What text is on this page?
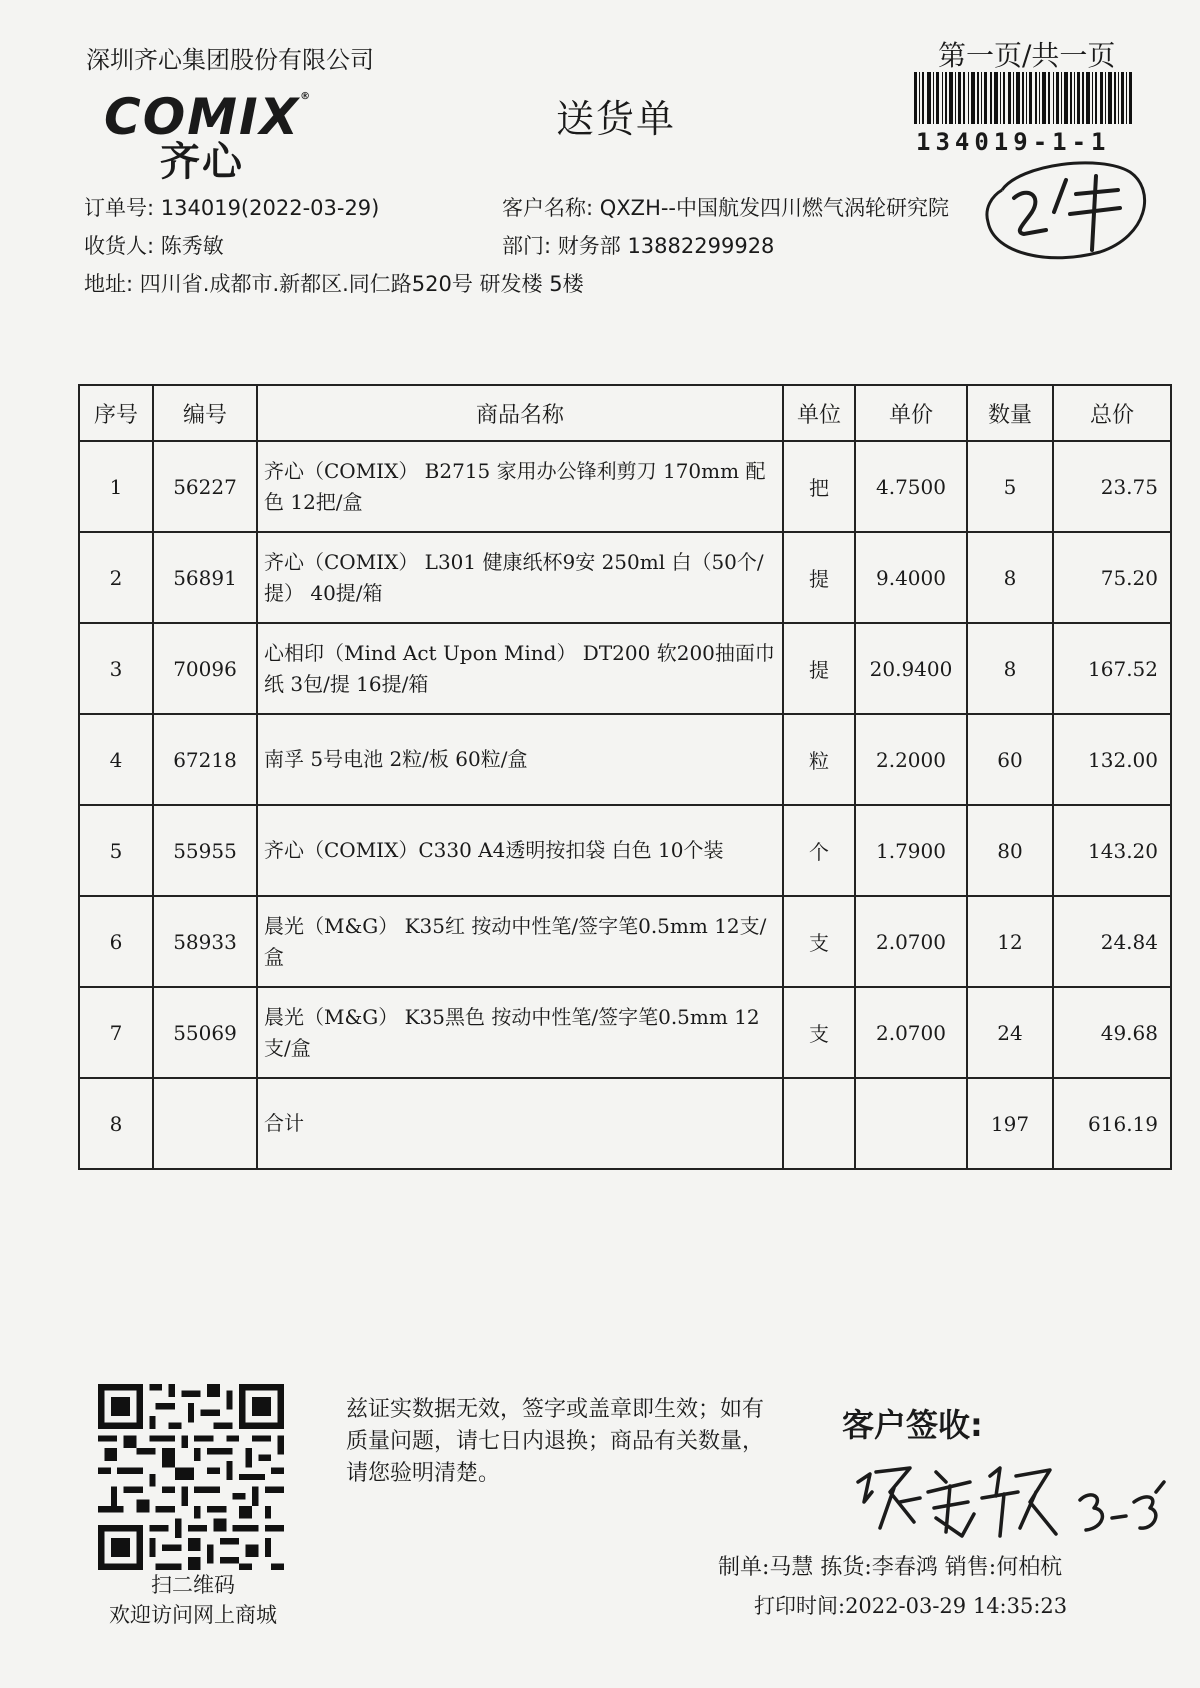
深圳齐心集团股份有限公司	第一页/共一页
COMIX®
齐心
送货单
134019-1-1
订单号: 134019(2022-03-29)
收货人: 陈秀敏
地址: 四川省.成都市.新都区.同仁路520号 研发楼 5楼
客户名称: QXZH--中国航发四川燃气涡轮研究院
部门: 财务部 13882299928
序号	编号	商品名称	单位	单价	数量	总价
1	56227	齐心（COMIX） B2715 家用办公锋利剪刀 170mm 配色 12把/盒	把	4.7500	5	23.75
2	56891	齐心（COMIX） L301 健康纸杯9安 250ml 白（50个/提） 40提/箱	提	9.4000	8	75.20
3	70096	心相印（Mind Act Upon Mind） DT200 软200抽面巾纸 3包/提 16提/箱	提	20.9400	8	167.52
4	67218	南孚 5号电池 2粒/板 60粒/盒	粒	2.2000	60	132.00
5	55955	齐心（COMIX）C330 A4透明按扣袋 白色 10个装	个	1.7900	80	143.20
6	58933	晨光（M&G） K35红 按动中性笔/签字笔0.5mm 12支/盒	支	2.0700	12	24.84
7	55069	晨光（M&G） K35黑色 按动中性笔/签字笔0.5mm 12支/盒	支	2.0700	24	49.68
8		合计			197	616.19
扫二维码
欢迎访问网上商城
兹证实数据无效，签字或盖章即生效；如有质量问题，请七日内退换；商品有关数量，请您验明清楚。
客户签收:
制单:马慧 拣货:李春鸿 销售:何柏杭
打印时间:2022-03-29 14:35:23
